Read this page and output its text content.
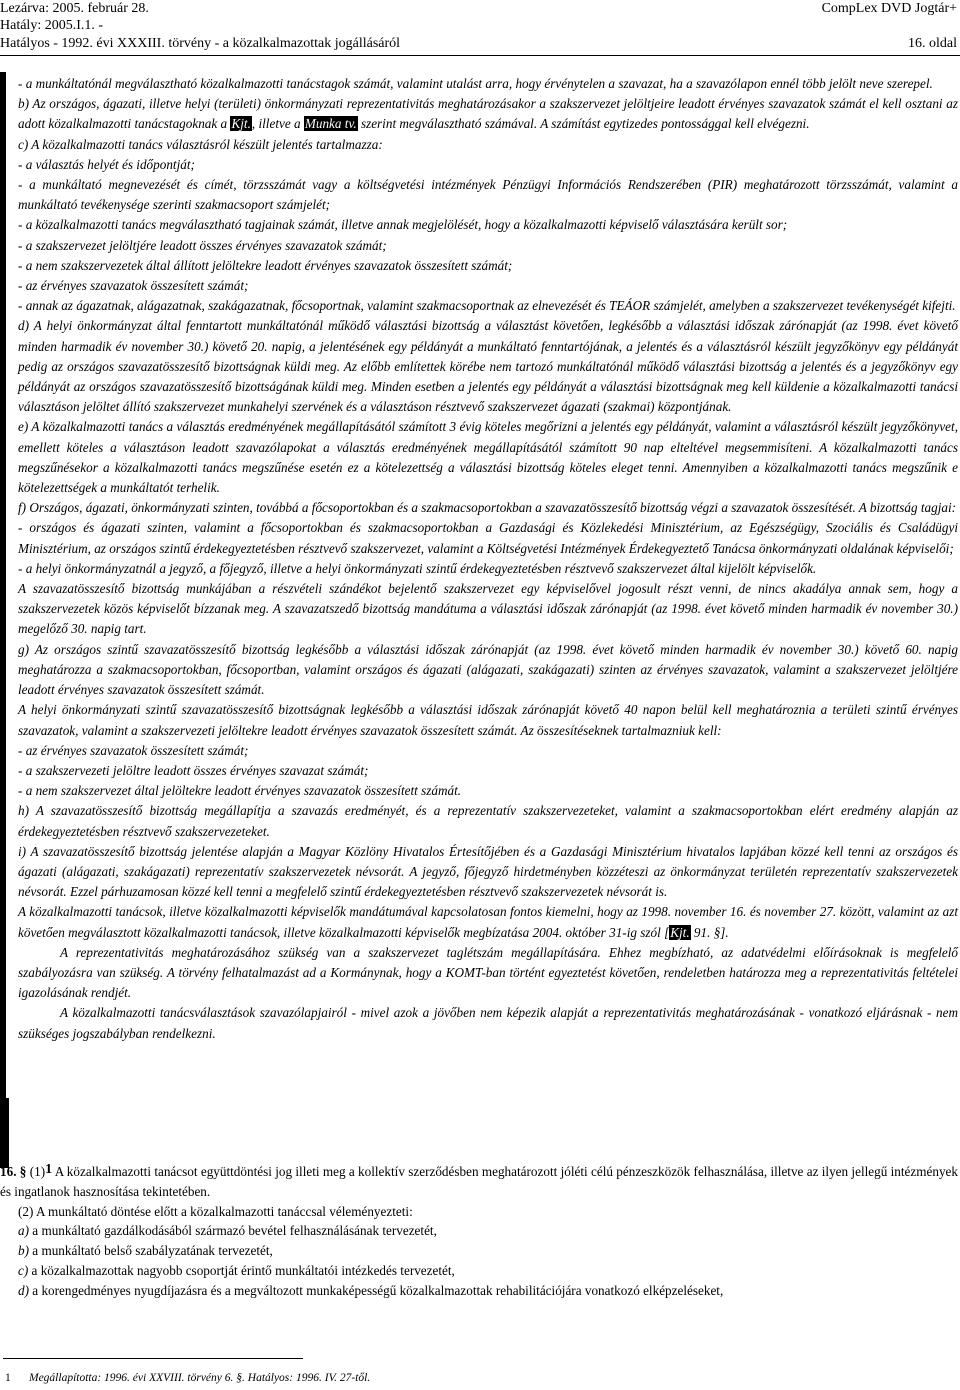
Lezárva: 2005. február 28.	CompLex DVD Jogtár+
Hatály: 2005.I.1. -
Hatályos - 1992. évi XXXIII. törvény - a közalkalmazottak jogállásáról	16. oldal

- a munkáltatónál megválasztható közalkalmazotti tanácstagok számát, valamint utalást arra, hogy érvénytelen a szavazat, ha a szavazólapon ennél több jelölt neve szerepel.

b) Az országos, ágazati, illetve helyi (területi) önkormányzati reprezentativitás meghatározásakor a szakszervezet jelöltjeire leadott érvényes szavazatok számát el kell osztani az adott közalkalmazotti tanácstagoknak a Kjt., illetve a Munka tv. szerint megválasztható számával. A számítást egytizedes pontossággal kell elvégezni.

c) A közalkalmazotti tanács választásról készült jelentés tartalmazza:

- a választás helyét és időpontját;

- a munkáltató megnevezését és címét, törzsszámát vagy a költségvetési intézmények Pénzügyi Információs Rendszerében (PIR) meghatározott törzsszámát, valamint a munkáltató tevékenysége szerinti szakmacsoport számjelét;

- a közalkalmazotti tanács megválasztható tagjainak számát, illetve annak megjelölését, hogy a közalkalmazotti képviselő választására került sor;

- a szakszervezet jelöltjére leadott összes érvényes szavazatok számát;

- a nem szakszervezetek által állított jelöltekre leadott érvényes szavazatok összesített számát;

- az érvényes szavazatok összesített számát;

- annak az ágazatnak, alágazatnak, szakágazatnak, főcsoportnak, valamint szakmacsoportnak az elnevezését és TEÁOR számjelét, amelyben a szakszervezet tevékenységét kifejti.

d) A helyi önkormányzat által fenntartott munkáltatónál működő választási bizottság a választást követően, legkésőbb a választási időszak zárónapját (az 1998. évet követő minden harmadik év november 30.) követő 20. napig, a jelentésének egy példányát a munkáltató fenntartójának, a jelentés és a választásról készült jegyzőkönyv egy példányát pedig az országos szavazatösszesítő bizottságnak küldi meg. Az előbb említettek körébe nem tartozó munkáltatónál működő választási bizottság a jelentés és a jegyzőkönyv egy példányát az országos szavazatösszesítő bizottságának küldi meg. Minden esetben a jelentés egy példányát a választási bizottságnak meg kell küldenie a közalkalmazotti tanácsi választáson jelöltet állító szakszervezet munkahelyi szervének és a választáson résztvevő szakszervezet ágazati (szakmai) központjának.

e) A közalkalmazotti tanács a választás eredményének megállapításától számított 3 évig köteles megőrizni a jelentés egy példányát, valamint a választásról készült jegyzőkönyvet, emellett köteles a választáson leadott szavazólapokat a választás eredményének megállapításától számított 90 nap elteltével megsemmisíteni. A közalkalmazotti tanács megszűnésekor a közalkalmazotti tanács megszűnése esetén ez a kötelezettség a választási bizottság köteles eleget tenni. Amennyiben a közalkalmazotti tanács megszűnik e kötelezettségek a munkáltatót terhelik.

f) Országos, ágazati, önkormányzati szinten, továbbá a főcsoportokban és a szakmacsoportokban a szavazatösszesítő bizottság végzi a szavazatok összesítését. A bizottság tagjai:

- országos és ágazati szinten, valamint a főcsoportokban és szakmacsoportokban a Gazdasági és Közlekedési Minisztérium, az Egészségügy, Szociális és Családügyi Minisztérium, az országos szintű érdekegyeztetésben résztvevő szakszervezet, valamint a Költségvetési Intézmények Érdekegyeztető Tanácsa önkormányzati oldalának képviselői;

- a helyi önkormányzatnál a jegyző, a főjegyző, illetve a helyi önkormányzati szintű érdekegyeztetésben résztvevő szakszervezet által kijelölt képviselők.

A szavazatösszesítő bizottság munkájában a részvételi szándékot bejelentő szakszervezet egy képviselővel jogosult részt venni, de nincs akadálya annak sem, hogy a szakszervezetek közös képviselőt bízzanak meg. A szavazatszedő bizottság mandátuma a választási időszak zárónapját (az 1998. évet követő minden harmadik év november 30.) megelőző 30. napig tart.

g) Az országos szintű szavazatösszesítő bizottság legkésőbb a választási időszak zárónapját (az 1998. évet követő minden harmadik év november 30.) követő 60. napig meghatározza a szakmacsoportokban, főcsoportban, valamint országos és ágazati (alágazati, szakágazati) szinten az érvényes szavazatok, valamint a szakszervezet jelöltjére leadott érvényes szavazatok összesített számát.

A helyi önkormányzati szintű szavazatösszesítő bizottságnak legkésőbb a választási időszak zárónapját követő 40 napon belül kell meghatároznia a területi szintű érvényes szavazatok, valamint a szakszervezeti jelöltekre leadott érvényes szavazatok összesített számát. Az összesítéseknek tartalmazniuk kell:

- az érvényes szavazatok összesített számát;

- a szakszervezeti jelöltre leadott összes érvényes szavazat számát;

- a nem szakszervezet által jelöltekre leadott érvényes szavazatok összesített számát.

h) A szavazatösszesítő bizottság megállapítja a szavazás eredményét, és a reprezentatív szakszervezeteket, valamint a szakmacsoportokban elért eredmény alapján az érdekegyeztetésben résztvevő szakszervezeteket.

i) A szavazatösszesítő bizottság jelentése alapján a Magyar Közlöny Hivatalos Értesítőjében és a Gazdasági Minisztérium hivatalos lapjában közzé kell tenni az országos és ágazati (alágazati, szakágazati) reprezentatív szakszervezetek névsorát. A jegyző, főjegyző hirdetményben közzéteszi az önkormányzat területén reprezentatív szakszervezetek névsorát. Ezzel párhuzamosan közzé kell tenni a megfelelő szintű érdekegyeztetésben résztvevő szakszervezetek névsorát is.

A közalkalmazotti tanácsok, illetve közalkalmazotti képviselők mandátumával kapcsolatosan fontos kiemelni, hogy az 1998. november 16. és november 27. között, valamint az azt követően megválasztott közalkalmazotti tanácsok, illetve közalkalmazotti képviselők megbízatása 2004. október 31-ig szól [Kjt. 91. §].

A reprezentativitás meghatározásához szükség van a szakszervezet taglétszám megállapítására. Ehhez megbízható, az adatvédelmi előírásoknak is megfelelő szabályozásra van szükség. A törvény felhatalmazást ad a Kormánynak, hogy a KOMT-ban történt egyeztetést követően, rendeletben határozza meg a reprezentativitás feltételei igazolásának rendjét.

A közalkalmazotti tanácsválasztások szavazólapjairól - mivel azok a jövőben nem képezik alapját a reprezentativitás meghatározásának - vonatkozó eljárásnak - nem szükséges jogszabályban rendelkezni.

16. § $(1)^1$ A közalkalmazotti tanácsot együttdöntési jog illeti meg a kollektív szerződésben meghatározott jóléti célú pénzeszközök felhasználása, illetve az ilyen jellegű intézmények és ingatlanok hasznosítása tekintetében.

(2) A munkáltató döntése előtt a közalkalmazotti tanáccsal véleményezteti:

a) a munkáltató gazdálkodásából származó bevétel felhasználásának tervezetét,

b) a munkáltató belső szabályzatának tervezetét,

c) a közalkalmazottak nagyobb csoportját érintő munkáltatói intézkedés tervezetét,

d) a korengedményes nyugdíjazásra és a megváltozott munkaképességű közalkalmazottak rehabilitációjára vonatkozó elképzeléseket,

1 Megállapította: 1996. évi XXVIII. törvény 6. §. Hatályos: 1996. IV. 27-től.
